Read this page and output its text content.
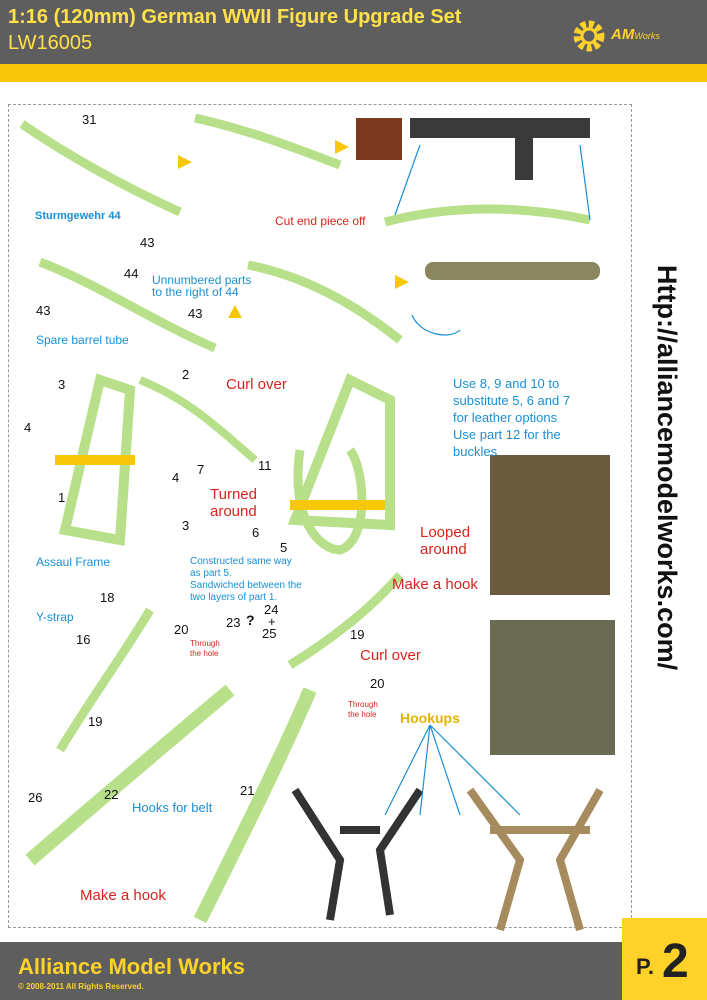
1:16 (120mm) German WWII Figure Upgrade Set
LW16005	AMWorks
Http://alliancemodelworks.com/
Sturmgewehr 44	Cut end piece off
Unnumbered parts
to the right of 44
Spare barrel tube
Curl over
Turned
around
Looped
around
Assaul Frame	Constructed same way
as part 5.
Sandwiched between the
two layers of part 1.
Make a hook
Y-strap
Through
the hole	Curl over
Through
the hole Hookups
Hooks for belt
Make a hook
Use 8, 9 and 10 to
substitute 5, 6 and 7
for leather options
Use part 12 for the
buckles
31
43
43
44
43
3
4
1
2
7	11
4
3	6
5
18
16
19
26	22
20	23 ?
24
+
25	19
20
21
Alliance Model Works
© 2008-2011 All Rights Reserved.
P. 2
